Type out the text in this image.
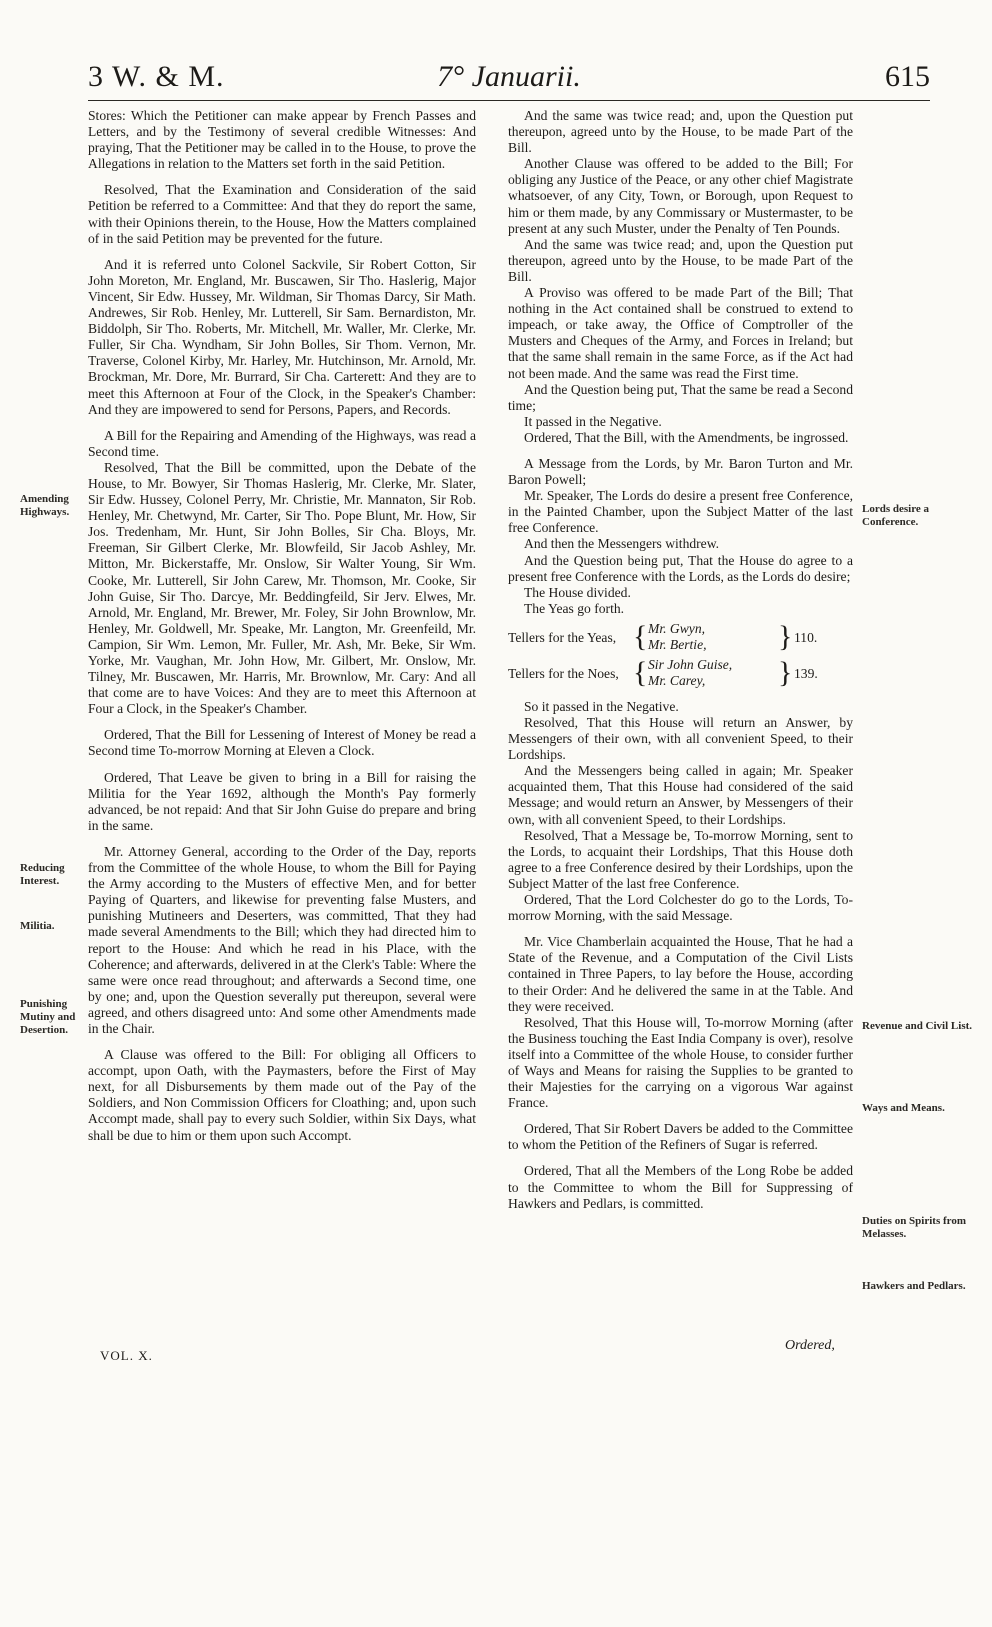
3 W. & M.	7° Januarii.	615

Stores: Which the Petitioner can make appear by French Passes and Letters, and by the Testimony of several credible Witnesses: And praying, That the Petitioner may be called in to the House, to prove the Allegations in relation to the Matters set forth in the said Petition.

Resolved, That the Examination and Consideration of the said Petition be referred to a Committee: And that they do report the same, with their Opinions therein, to the House, How the Matters complained of in the said Petition may be prevented for the future.

And it is referred unto Colonel Sackvile, Sir Robert Cotton, Sir John Moreton, Mr. England, Mr. Buscawen, Sir Tho. Haslerig, Major Vincent, Sir Edw. Hussey, Mr. Wildman, Sir Thomas Darcy, Sir Math. Andrewes, Sir Rob. Henley, Mr. Lutterell, Sir Sam. Bernardiston, Mr. Biddolph, Sir Tho. Roberts, Mr. Mitchell, Mr. Waller, Mr. Clerke, Mr. Fuller, Sir Cha. Wyndham, Sir John Bolles, Sir Thom. Vernon, Mr. Traverse, Colonel Kirby, Mr. Harley, Mr. Hutchinson, Mr. Arnold, Mr. Brockman, Mr. Dore, Mr. Burrard, Sir Cha. Carterett: And they are to meet this Afternoon at Four of the Clock, in the Speaker's Chamber: And they are impowered to send for Persons, Papers, and Records.

A Bill for the Repairing and Amending of the Highways, was read a Second time.

Resolved, That the Bill be committed, upon the Debate of the House, to Mr. Bowyer, Sir Thomas Haslerig, Mr. Clerke, Mr. Slater, Sir Edw. Hussey, Colonel Perry, Mr. Christie, Mr. Mannaton, Sir Rob. Henley, Mr. Chetwynd, Mr. Carter, Sir Tho. Pope Blunt, Mr. How, Sir Jos. Tredenham, Mr. Hunt, Sir John Bolles, Sir Cha. Bloys, Mr. Freeman, Sir Gilbert Clerke, Mr. Blowfeild, Sir Jacob Ashley, Mr. Mitton, Mr. Bickerstaffe, Mr. Onslow, Sir Walter Young, Sir Wm. Cooke, Mr. Lutterell, Sir John Carew, Mr. Thomson, Mr. Cooke, Sir John Guise, Sir Tho. Darcye, Mr. Beddingfeild, Sir Jerv. Elwes, Mr. Arnold, Mr. England, Mr. Brewer, Mr. Foley, Sir John Brownlow, Mr. Henley, Mr. Goldwell, Mr. Speake, Mr. Langton, Mr. Greenfeild, Mr. Campion, Sir Wm. Lemon, Mr. Fuller, Mr. Ash, Mr. Beke, Sir Wm. Yorke, Mr. Vaughan, Mr. John How, Mr. Gilbert, Mr. Onslow, Mr. Tilney, Mr. Buscawen, Mr. Harris, Mr. Brownlow, Mr. Cary: And all that come are to have Voices: And they are to meet this Afternoon at Four a Clock, in the Speaker's Chamber.

Ordered, That the Bill for Lessening of Interest of Money be read a Second time To-morrow Morning at Eleven a Clock.

Ordered, That Leave be given to bring in a Bill for raising the Militia for the Year 1692, although the Month's Pay formerly advanced, be not repaid: And that Sir John Guise do prepare and bring in the same.

Mr. Attorney General, according to the Order of the Day, reports from the Committee of the whole House, to whom the Bill for Paying the Army according to the Musters of effective Men, and for better Paying of Quarters, and likewise for preventing false Musters, and punishing Mutineers and Deserters, was committed, That they had made several Amendments to the Bill; which they had directed him to report to the House: And which he read in his Place, with the Coherence; and afterwards, delivered in at the Clerk's Table: Where the same were once read throughout; and afterwards a Second time, one by one; and, upon the Question severally put thereupon, several were agreed, and others disagreed unto: And some other Amendments made in the Chair.

A Clause was offered to the Bill: For obliging all Officers to accompt, upon Oath, with the Paymasters, before the First of May next, for all Disbursements by them made out of the Pay of the Soldiers, and Non Commission Officers for Cloathing; and, upon such Accompt made, shall pay to every such Soldier, within Six Days, what shall be due to him or them upon such Accompt.

And the same was twice read; and, upon the Question put thereupon, agreed unto by the House, to be made Part of the Bill.

Another Clause was offered to be added to the Bill; For obliging any Justice of the Peace, or any other chief Magistrate whatsoever, of any City, Town, or Borough, upon Request to him or them made, by any Commissary or Mustermaster, to be present at any such Muster, under the Penalty of Ten Pounds.

And the same was twice read; and, upon the Question put thereupon, agreed unto by the House, to be made Part of the Bill.

A Proviso was offered to be made Part of the Bill; That nothing in the Act contained shall be construed to extend to impeach, or take away, the Office of Comptroller of the Musters and Cheques of the Army, and Forces in Ireland; but that the same shall remain in the same Force, as if the Act had not been made. And the same was read the First time.

And the Question being put, That the same be read a Second time;

It passed in the Negative.

Ordered, That the Bill, with the Amendments, be ingrossed.

A Message from the Lords, by Mr. Baron Turton and Mr. Baron Powell;

Mr. Speaker, The Lords do desire a present free Conference, in the Painted Chamber, upon the Subject Matter of the last free Conference.

And then the Messengers withdrew.

And the Question being put, That the House do agree to a present free Conference with the Lords, as the Lords do desire;

The House divided.

The Yeas go forth.

Tellers for the Yeas, { Mr. Gwyn,
Mr. Bertie, } 110.
Tellers for the Noes, { Sir John Guise,
Mr. Carey,	} 139.

So it passed in the Negative.

Resolved, That this House will return an Answer, by Messengers of their own, with all convenient Speed, to their Lordships.

And the Messengers being called in again; Mr. Speaker acquainted them, That this House had considered of the said Message; and would return an Answer, by Messengers of their own, with all convenient Speed, to their Lordships.

Resolved, That a Message be, To-morrow Morning, sent to the Lords, to acquaint their Lordships, That this House doth agree to a free Conference desired by their Lordships, upon the Subject Matter of the last free Conference.

Ordered, That the Lord Colchester do go to the Lords, To-morrow Morning, with the said Message.

Mr. Vice Chamberlain acquainted the House, That he had a State of the Revenue, and a Computation of the Civil Lists contained in Three Papers, to lay before the House, according to their Order: And he delivered the same in at the Table. And they were received.

Resolved, That this House will, To-morrow Morning (after the Business touching the East India Company is over), resolve itself into a Committee of the whole House, to consider further of Ways and Means for raising the Supplies to be granted to their Majesties for the carrying on a vigorous War against France.

Ordered, That Sir Robert Davers be added to the Committee to whom the Petition of the Refiners of Sugar is referred.

Ordered, That all the Members of the Long Robe be added to the Committee to whom the Bill for Suppressing of Hawkers and Pedlars, is committed.

Amending Highways.
Reducing Interest.
Militia.
Punishing Mutiny and Desertion.
Lords desire a Conference.
Revenue and Civil List.
Ways and Means.
Duties on Spirits from Melasses.
Hawkers and Pedlars.
Ordered,
VOL. X.
